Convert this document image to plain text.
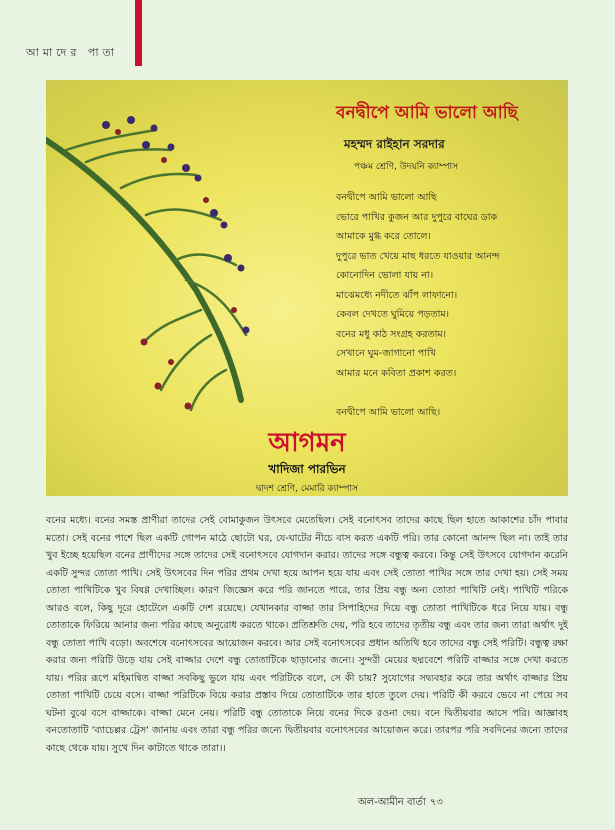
আমাদের পাতা
বনদ্বীপে আমি ভালো আছি
মহম্মদ রাইহান সরদার
পঞ্চম শ্রেণি, উদয়নি ক্যাম্পাস
বনদ্বীপে আমি ভালো আছি
ভোরে পাখির কুজন আর দুপুরে বাঘের ডাক
আমাকে মুগ্ধ করে তোলে।
দুপুরে ভাত খেয়ে মাছ ধরতে যাওয়ার আনন্দ
কোনোদিন ভোলা যায় না।
মাঝেমধ্যে নদীতে ঝাঁপ লাফানো।
কেবল দেখতে ঘুমিয়ে পড়তাম।
বনের মধু কাঠ সংগ্রহ করতাম।
সেখানে ঘুম-জাগানো পাখি
আমার মনে কবিতা প্রকাশ করত।

বনদ্বীপে আমি ভালো আছি।
আগমন
খাদিজা পারভিন
দ্বাদশ শ্রেণি, মেমারি ক্যাম্পাস
বনের মধ্যে। বনের সমস্ত প্রাণীরা তাদের সেই বোমাকুজন উৎসবে মেতেছিল। সেই বনোৎসব তাদের কাছে ছিল হাতে আকাশের চাঁদ পাবার মতো। সেই বনের পাশে ছিল একটি গোপন মাঠে ছোটো ঘর, যে-ঘাটের নীচে বাস করত একটি পরি। তার কোনো আনন্দ ছিল না। তাই তার খুব ইচ্ছে হয়েছিল বনের প্রাণীদের সঙ্গে তাদের সেই বনোৎসবে যোগদান করার। তাদের সঙ্গে বন্ধুত্ব করবে। কিন্তু সেই উৎসবে যোগদান করেনি একটি সুন্দর তোতা পাখি। সেই উৎসবের দিন পরির প্রথম দেখা হয়ে আপন হয়ে যায় এবং সেই তোতা পাখির সঙ্গে তার দেখা হয়। সেই সময় তোতা পাখিটিকে খুব বিষণ্ণ দেখাচ্ছিল। কারণ জিজ্ঞেস করে পরি জানতে পারে, তার প্রিয় বন্ধু অন্য তোতা পাখিটি নেই। পাখিটি পরিকে আরও বলে, কিছু দূরে হোটেলে একটি দেশ রয়েছে। যেখানকার বাজ্জা তার সিপাহিদের দিয়ে বন্ধু তোতা পাখিটিকে ধরে নিয়ে যায়। বন্ধু তোতাকে ফিরিয়ে আনার জন্য পরির কাছে অনুরোধ করতে থাকে। প্রতিশ্রুতি দেয়, পরি হবে তাদের তৃতীয় বন্ধু এবং তার জন্য তারা অর্থাৎ দুই বন্ধু তোতা পাখি বড়ো। অবশেষে বনোৎসবের আয়োজন করবে। আর সেই বনোৎসবের প্রধান অতিথি হবে তাদের বন্ধু সেই পরিটি। বন্ধুত্ব রক্ষা করার জন্য পরিটি উড়ে যায় সেই বাজ্জার দেশে বন্ধু তোতাটিকে ছাড়ানোর জন্যে। সুন্দরী মেয়ের ছদ্মবেশে পরিটি বাজ্জার সঙ্গে দেখা করতে যায়। পরির রূপে মহিমান্বিত বাজ্জা সবকিছু ভুলে যায় এবং পরিটিকে বলে, সে কী চায়? সুযোগের সদ্ব্যবহার করে তার অর্থাৎ বাজ্জার প্রিয় তোতা পাখিটি চেয়ে বসে। বাজ্জা পরিটিকে বিয়ে করার প্রস্তাব দিয়ে তোতাটিকে তার হাতে তুলে দেয়। পরিটি কী করবে ভেবে না পেয়ে সব ঘটনা বুঝে বসে বাজ্জাকে। বাজ্জা মেনে নেয়। পরিটি বন্ধু তোতাকে নিয়ে বনের দিকে রওনা দেয়। বনে দ্বিতীয়বার আসে পরি। আজ্ঞাবহ বনতোতাটি 'ব্যাচেল্লর ট্রেস' জানায় এবং তারা বন্ধু পরির জন্যে দ্বিতীয়বার বনোৎসবের আয়োজন করে। তারপর পরি সবদিনের জন্যে তাদের কাছে থেকে যায়। সুখে দিন কাটাতে থাকে তারা।।
অল-আমীন বার্তা ৭৩
